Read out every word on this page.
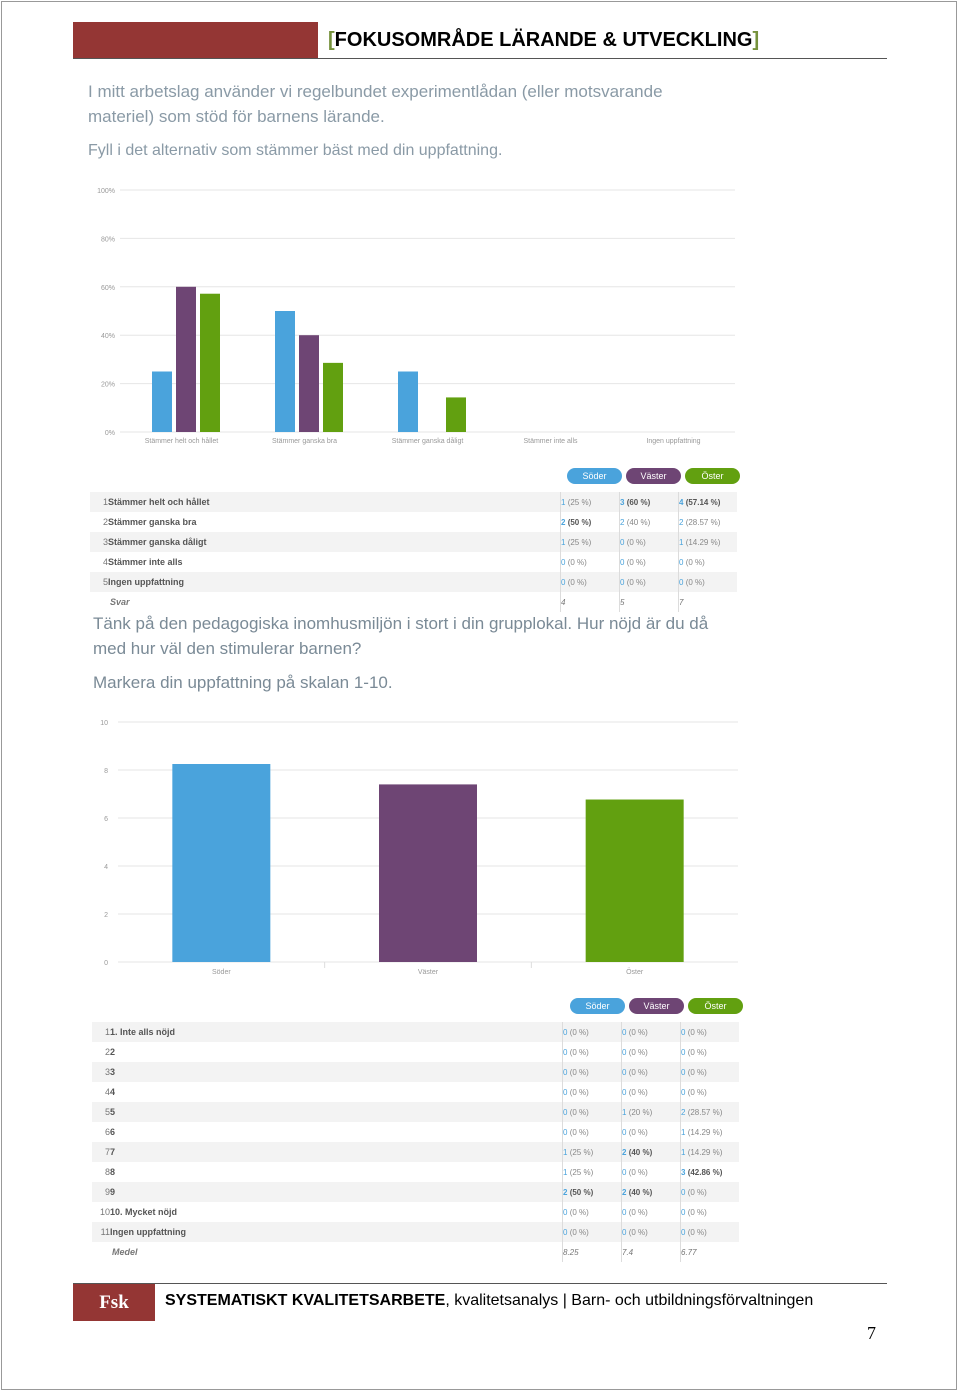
[FOKUSOMRÅDE LÄRANDE & UTVECKLING]
I mitt arbetslag använder vi regelbundet experimentlådan (eller motsvarande
materiel) som stöd för barnens lärande.
Fyll i det alternativ som stämmer bäst med din uppfattning.
0%
20%
40%
60%
80%
100%
Stämmer helt och hållet	Stämmer ganska bra	Stämmer ganska dåligt	Stämmer inte alls	Ingen uppfattning
Söder	Väster	Öster
1	Stämmer helt och hållet	1 (25 %)	3 (60 %)	4 (57.14 %)
2	Stämmer ganska bra	2 (50 %)	2 (40 %)	2 (28.57 %)
3	Stämmer ganska dåligt	1 (25 %)	0 (0 %)	1 (14.29 %)
4	Stämmer inte alls	0 (0 %)	0 (0 %)	0 (0 %)
5	Ingen uppfattning	0 (0 %)	0 (0 %)	0 (0 %)
	Svar	4	5	7
Tänk på den pedagogiska inomhusmiljön i stort i din grupplokal. Hur nöjd är du då
med hur väl den stimulerar barnen?
Markera din uppfattning på skalan 1-10.
0
2
4
6
8
10
Söder	Väster	Öster
Söder	Väster	Öster
1	1. Inte alls nöjd	0 (0 %)	0 (0 %)	0 (0 %)
2	2	0 (0 %)	0 (0 %)	0 (0 %)
3	3	0 (0 %)	0 (0 %)	0 (0 %)
4	4	0 (0 %)	0 (0 %)	0 (0 %)
5	5	0 (0 %)	1 (20 %)	2 (28.57 %)
6	6	0 (0 %)	0 (0 %)	1 (14.29 %)
7	7	1 (25 %)	2 (40 %)	1 (14.29 %)
8	8	1 (25 %)	0 (0 %)	3 (42.86 %)
9	9	2 (50 %)	2 (40 %)	0 (0 %)
10	10. Mycket nöjd	0 (0 %)	0 (0 %)	0 (0 %)
11	Ingen uppfattning	0 (0 %)	0 (0 %)	0 (0 %)
	Medel	8.25	7.4	6.77
Fsk	SYSTEMATISKT KVALITETSARBETE, kvalitetsanalys | Barn- och utbildningsförvaltningen
7
